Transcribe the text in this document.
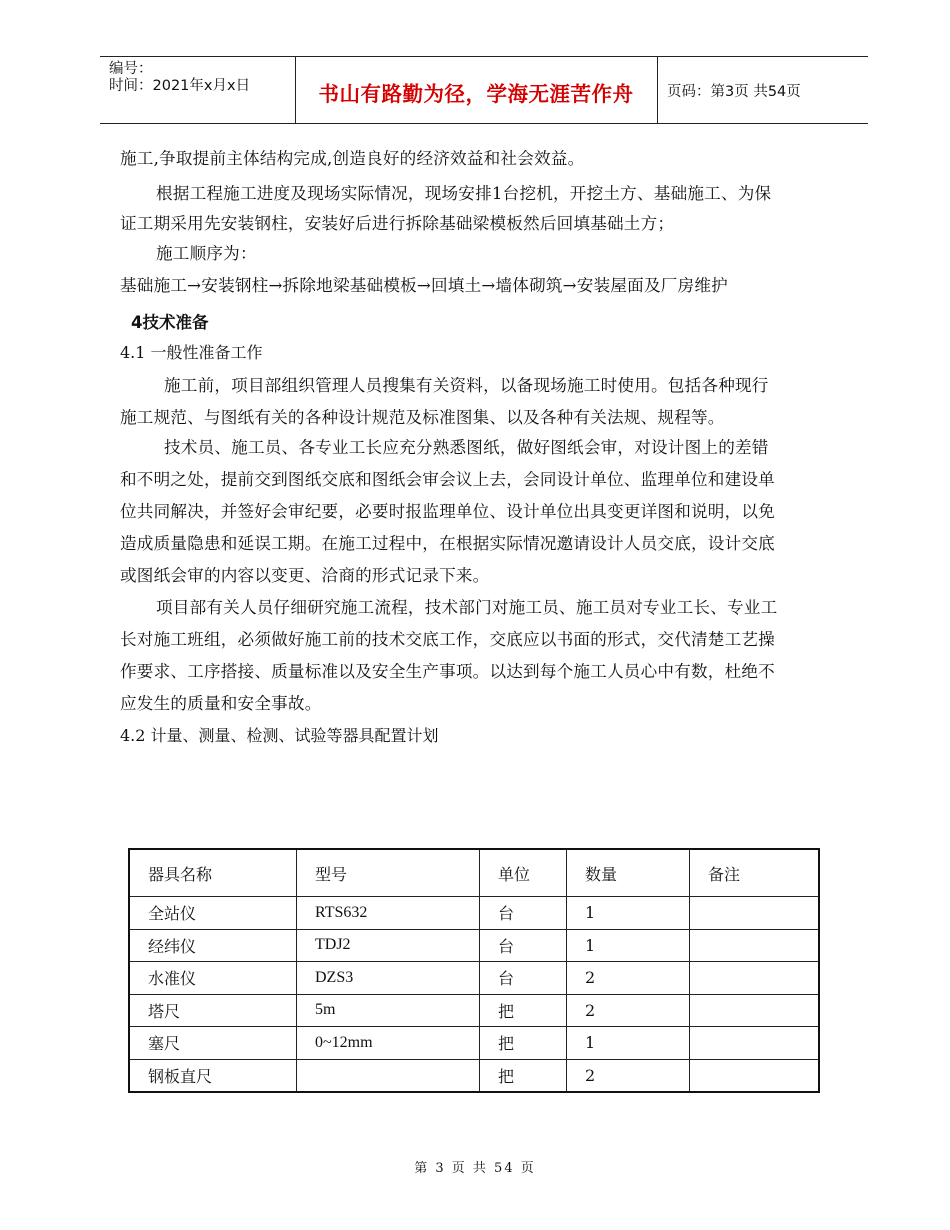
编号：
时间：2021年x月x日	书山有路勤为径，学海无涯苦作舟	页码：第3页 共54页
施工,争取提前主体结构完成,创造良好的经济效益和社会效益。
根据工程施工进度及现场实际情况，现场安排1台挖机，开挖土方、基础施工、为保
证工期采用先安装钢柱，安装好后进行拆除基础梁模板然后回填基础土方；
施工顺序为：
基础施工→安装钢柱→拆除地梁基础模板→回填土→墙体砌筑→安装屋面及厂房维护
4技术准备
4.1 一般性准备工作
施工前，项目部组织管理人员搜集有关资料，以备现场施工时使用。包括各种现行
施工规范、与图纸有关的各种设计规范及标准图集、以及各种有关法规、规程等。
技术员、施工员、各专业工长应充分熟悉图纸，做好图纸会审，对设计图上的差错
和不明之处，提前交到图纸交底和图纸会审会议上去，会同设计单位、监理单位和建设单
位共同解决，并签好会审纪要，必要时报监理单位、设计单位出具变更详图和说明，以免
造成质量隐患和延误工期。在施工过程中，在根据实际情况邀请设计人员交底，设计交底
或图纸会审的内容以变更、洽商的形式记录下来。
项目部有关人员仔细研究施工流程，技术部门对施工员、施工员对专业工长、专业工
长对施工班组，必须做好施工前的技术交底工作，交底应以书面的形式，交代清楚工艺操
作要求、工序搭接、质量标准以及安全生产事项。以达到每个施工人员心中有数，杜绝不
应发生的质量和安全事故。
4.2 计量、测量、检测、试验等器具配置计划
器具名称	型号	单位	数量	备注
全站仪	RTS632	台	1	
经纬仪	TDJ2	台	1	
水准仪	DZS3	台	2	
塔尺	5m	把	2	
塞尺	0~12mm	把	1	
钢板直尺		把	2	
第 3 页 共 54 页
